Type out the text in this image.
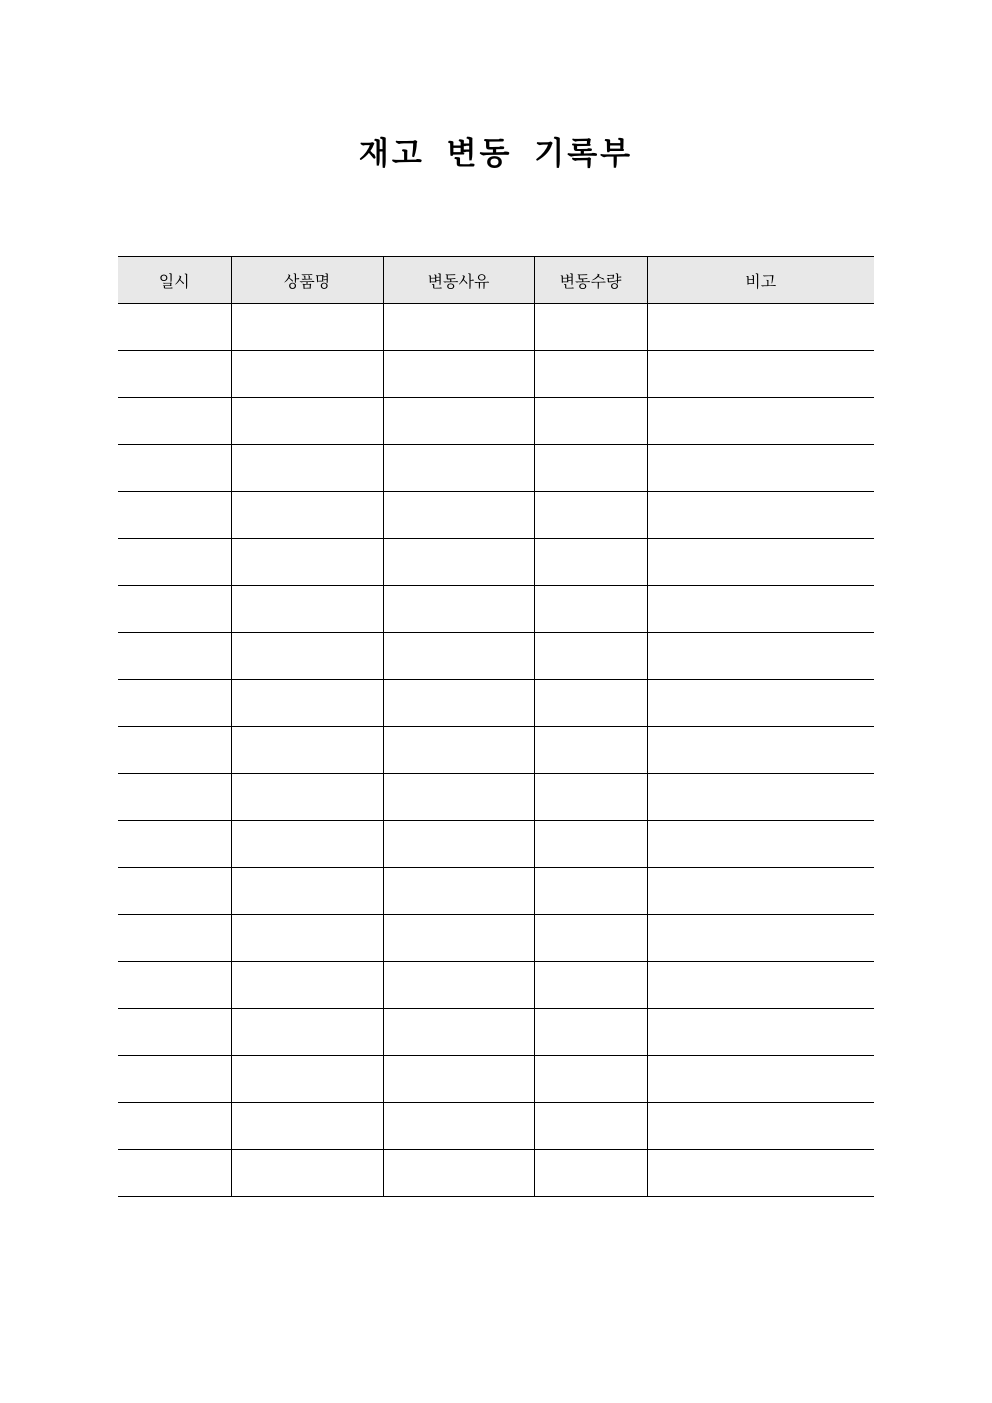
재고 변동 기록부
일시	상품명	변동사유	변동수량	비고
